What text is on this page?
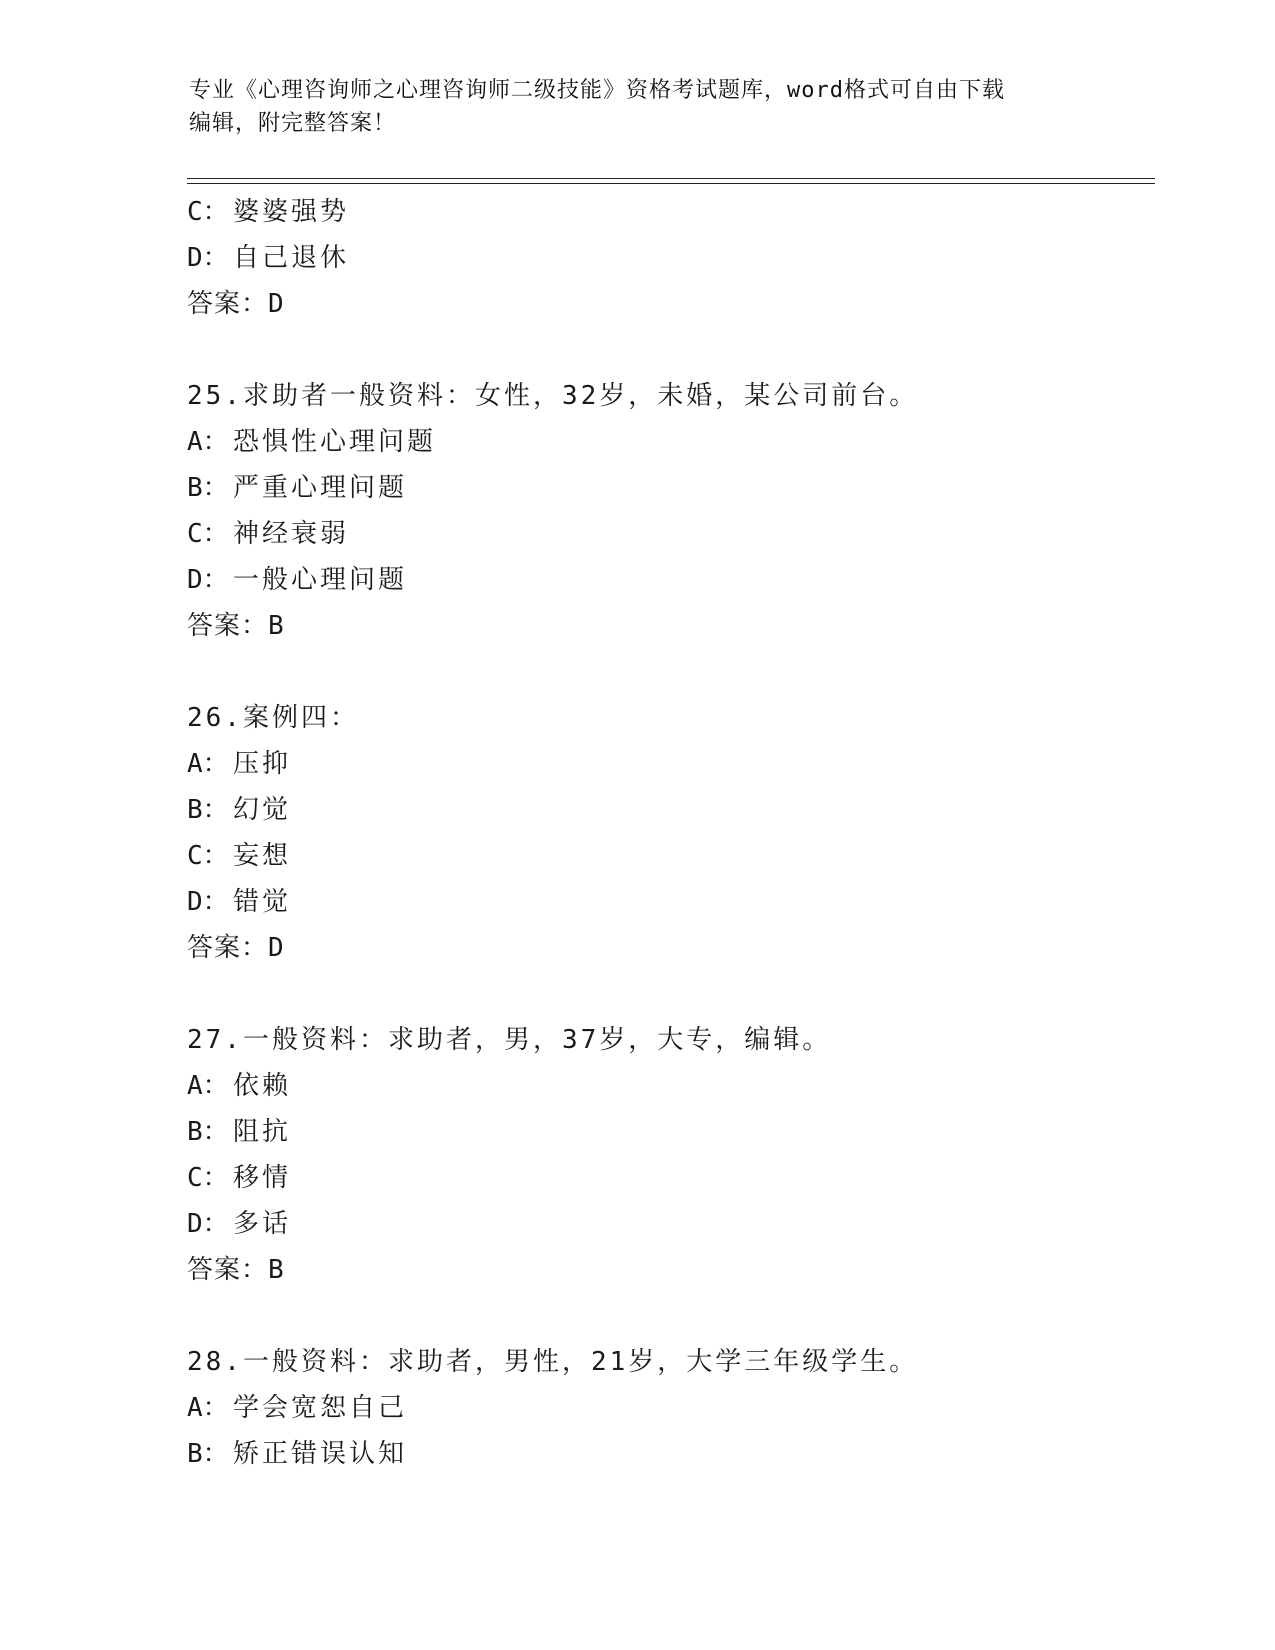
专业《心理咨询师之心理咨询师二级技能》资格考试题库，word格式可自由下载
编辑，附完整答案！
C： 婆婆强势
D： 自己退休
答案：D
25.求助者一般资料：女性，32岁，未婚，某公司前台。
A： 恐惧性心理问题
B： 严重心理问题
C： 神经衰弱
D： 一般心理问题
答案：B
26.案例四：
A： 压抑
B： 幻觉
C： 妄想
D： 错觉
答案：D
27.一般资料：求助者，男，37岁，大专，编辑。
A： 依赖
B： 阻抗
C： 移情
D： 多话
答案：B
28.一般资料：求助者，男性，21岁，大学三年级学生。
A： 学会宽恕自己
B： 矫正错误认知
